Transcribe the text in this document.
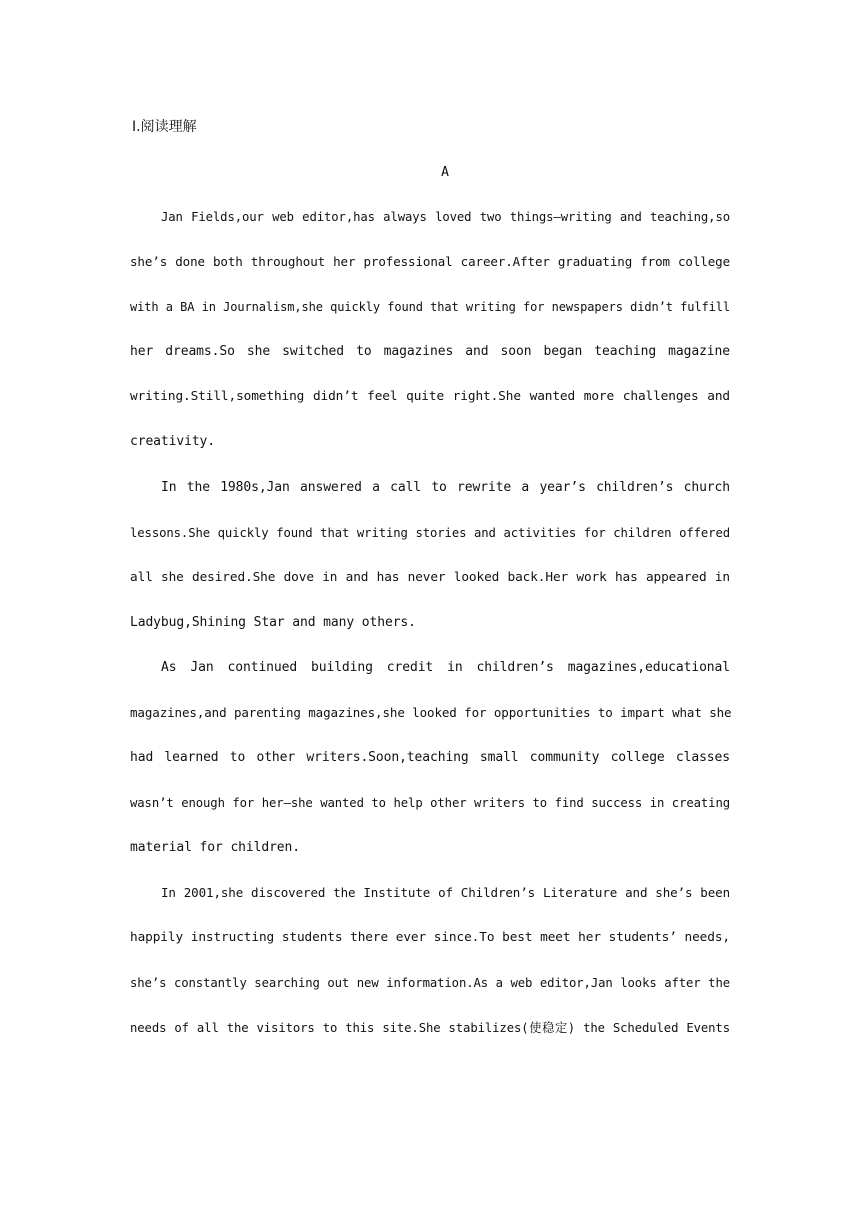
Ⅰ.阅读理解
A
Jan Fields,our web editor,has always loved two things—writing and teaching,so
she’s done both throughout her professional career.After graduating from college
with a BA in Journalism,she quickly found that writing for newspapers didn’t fulfill
her dreams.So she switched to magazines and soon began teaching magazine
writing.Still,something didn’t feel quite right.She wanted more challenges and
creativity.
In the 1980s,Jan answered a call to rewrite a year’s children’s church
lessons.She quickly found that writing stories and activities for children offered
all she desired.She dove in and has never looked back.Her work has appeared in
Ladybug,Shining Star and many others.
As Jan continued building credit in children’s magazines,educational
magazines,and parenting magazines,she looked for opportunities to impart what she
had learned to other writers.Soon,teaching small community college classes
wasn’t enough for her—she wanted to help other writers to find success in creating
material for children.
In 2001,she discovered the Institute of Children’s Literature and she’s been
happily instructing students there ever since.To best meet her students’ needs,
she’s constantly searching out new information.As a web editor,Jan looks after the
needs of all the visitors to this site.She stabilizes(使稳定) the Scheduled Events
